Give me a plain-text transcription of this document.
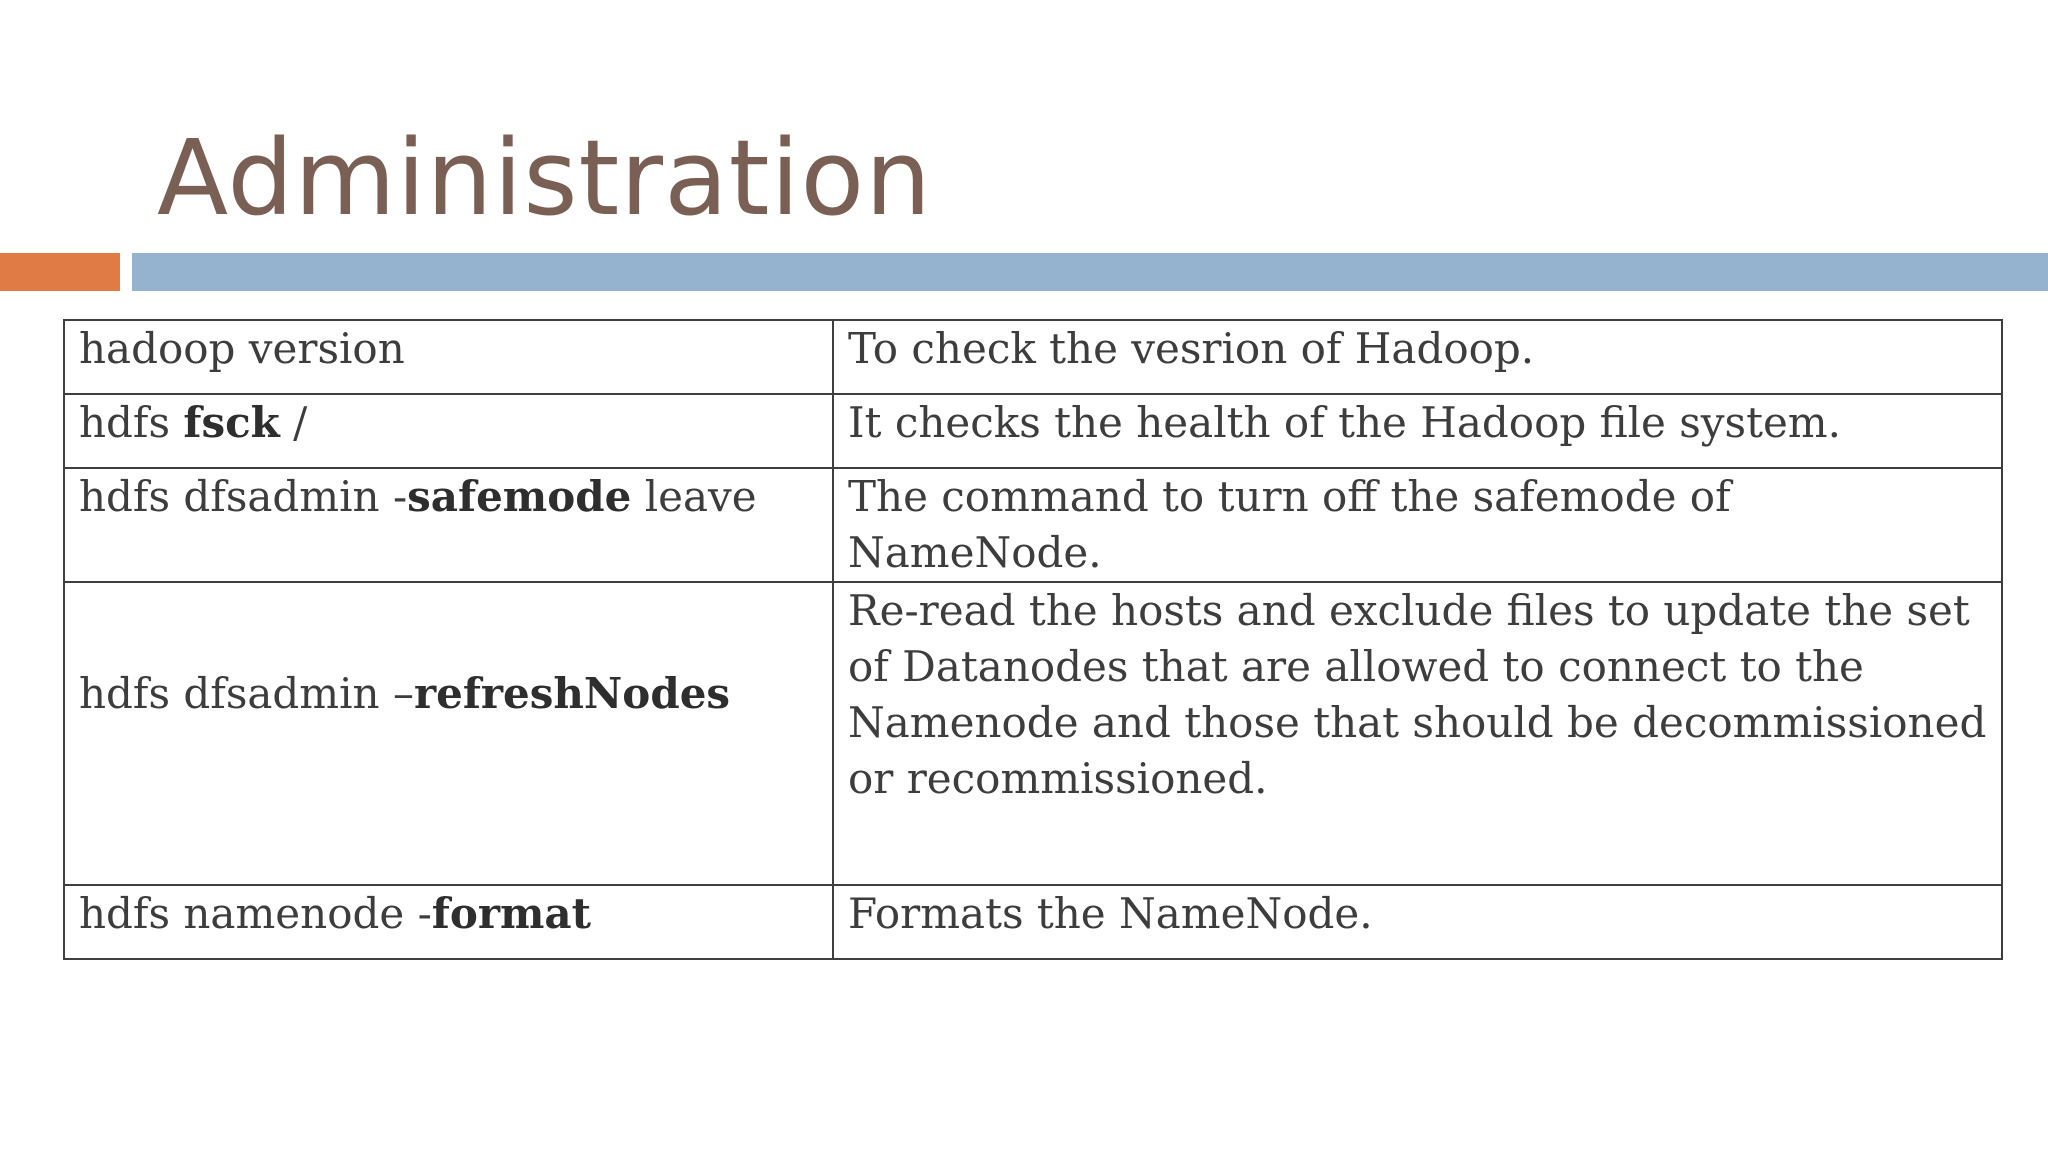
Administration
hadoop version	To check the vesrion of Hadoop.

hdfs fsck /	It checks the health of the Hadoop file system.

hdfs dfsadmin -safemode leave	The command to turn off the safemode of NameNode.

hdfs dfsadmin –refreshNodes	Re-read the hosts and exclude files to update the set of Datanodes that are allowed to connect to the Namenode and those that should be decommissioned or recommissioned.

hdfs namenode -format	Formats the NameNode.
